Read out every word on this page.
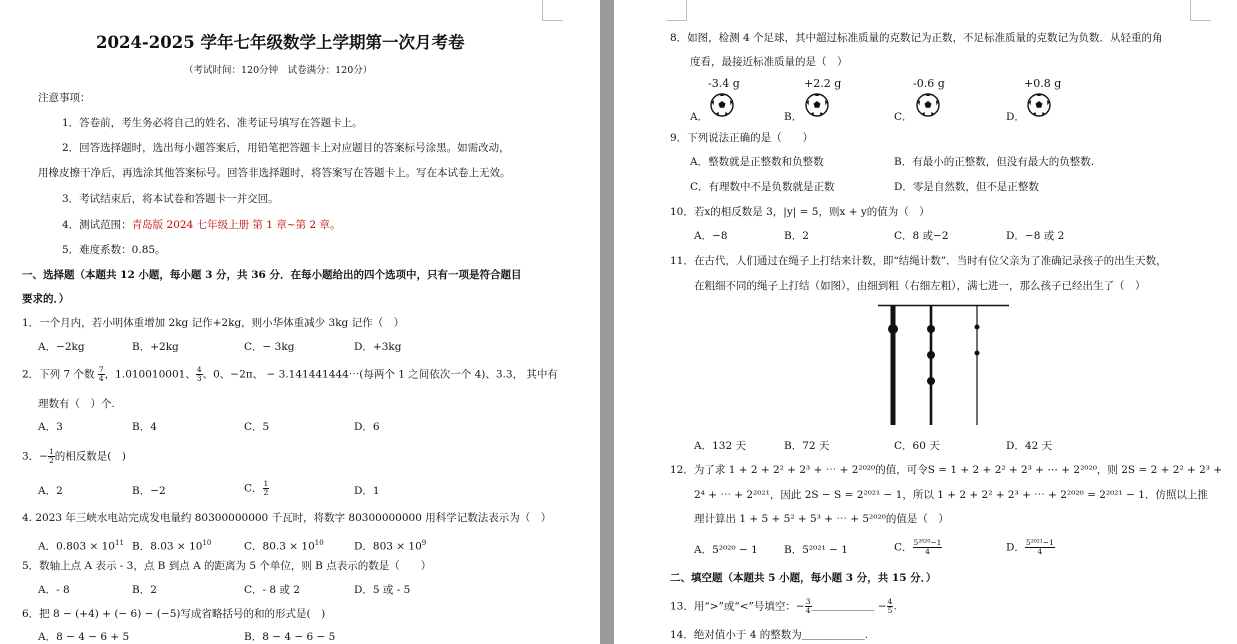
2024-2025 学年七年级数学上学期第一次月考卷
（考试时间：120分钟　试卷满分：120分）
注意事项：
1．答卷前，考生务必将自己的姓名、准考证号填写在答题卡上。
2．回答选择题时，选出每小题答案后，用铅笔把答题卡上对应题目的答案标号涂黑。如需改动，
用橡皮擦干净后，再选涂其他答案标号。回答非选择题时，将答案写在答题卡上。写在本试卷上无效。
3．考试结束后，将本试卷和答题卡一并交回。
4．测试范围：青岛版 2024 七年级上册 第 1 章~第 2 章。
5．难度系数：0.85。
一、选择题（本题共 12 小题，每小题 3 分，共 36 分．在每小题给出的四个选项中，只有一项是符合题目
要求的．）
1．一个月内，若小明体重增加 2kg 记作+2kg，则小华体重减少 3kg 记作（　）
A．−2kg	B．+2kg	C．− 3kg	D．+3kg
2．下列 7 个数 $\frac{7}{4}$ ，1.010010001、 $\frac{4}{3}$ 、0、−2π、 − 3.141441444⋯(每两个 1 之间依次一个 4)、3.3， 其中有
理数有（　）个.
A．3	B．4	C．5	D．6
3．− $\frac{1}{2}$ 的相反数是(　)
A．2	B．−2	C． $\frac{1}{2}$	D．1
4. 2023 年三峡水电站完成发电量约 80300000000 千瓦时，将数字 80300000000 用科学记数法表示为（　）
A．$0.803 \times 10^{11}$ B．$8.03 \times 10^{10}$	C．$80.3 \times 10^{10}$	D．$803 \times 10^9$
5．数轴上点 A 表示 - 3，点 B 到点 A 的距离为 5 个单位，则 B 点表示的数是（　　）
A．- 8	B．2	C．- 8 或 2	D．5 或 - 5
6．把 8 − (+4) + (− 6) − (−5)写成省略括号的和的形式是(　)
A．8 − 4 − 6 + 5	B．8 − 4 − 6 − 5
8．如图，检测 4 个足球，其中超过标准质量的克数记为正数，不足标准质量的克数记为负数．从轻重的角
度看，最接近标准质量的是（　）
-3.4 g	+2.2 g	-0.6 g	+0.8 g
A．	B．	C．	D．
9．下列说法正确的是（　　）
A．整数就是正整数和负整数	B．有最小的正整数，但没有最大的负整数.
C．有理数中不是负数就是正数	D．零是自然数，但不是正整数
10．若x的相反数是 3，|y| = 5，则x + y的值为（　）
A．−8	B．2	C．8 或−2	D．−8 或 2
11．在古代，人们通过在绳子上打结来计数，即“结绳计数”．当时有位父亲为了准确记录孩子的出生天数，
在粗细不同的绳子上打结（如图），由细到粗（右细左粗），满七进一，那么孩子已经出生了（　）
A．132 天	B．72 天	C．60 天	D．42 天
12．为了求 1 + 2 + 2² + 2³ + ⋯ + 2²⁰²⁰的值，可令S = 1 + 2 + 2² + 2³ + ⋯ + 2²⁰²⁰，则 2S = 2 + 2² + 2³ +
2⁴ + ⋯ + 2²⁰²¹，因此 2S − S = 2²⁰²¹ − 1，所以 1 + 2 + 2² + 2³ + ⋯ + 2²⁰²⁰ = 2²⁰²¹ − 1．仿照以上推
理计算出 1 + 5 + 5² + 5³ + ⋯ + 5²⁰²⁰的值是（　）
A．5²⁰²⁰ − 1 B．5²⁰²¹ − 1	C． $\frac{\text{5²⁰²⁰−1}}{4}$	D． $\frac{\text{5²⁰²¹−1}}{4}$
二、填空题（本题共 5 小题，每小题 3 分，共 15 分．）
13．用“>”或“<”号填空：− $\frac{3}{4}$ ＿＿＿＿＿＿ − $\frac{4}{5}$ .
14．绝对值小于 4 的整数为＿＿＿＿＿＿.
